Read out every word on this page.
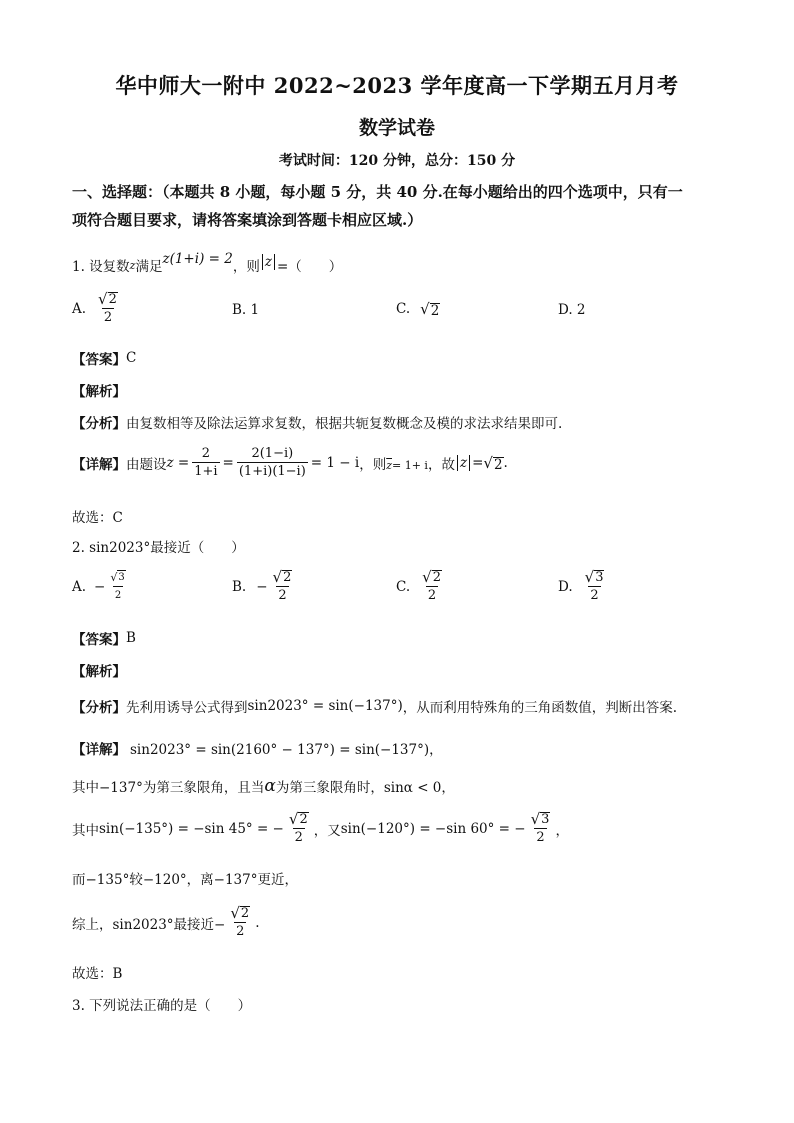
华中师大一附中 2022~2023 学年度高一下学期五月月考
数学试卷
考试时间：120 分钟，总分：150 分
一、选择题：（本题共 8 小题，每小题 5 分，共 40 分.在每小题给出的四个选项中，只有一
项符合题目要求，请将答案填涂到答题卡相应区域.）
1. 设复数 z 满足 z(1+i) = 2 ，则 z =（　　）
A. $\frac{√ 2}{2}$	B. 1	C. √ 2	D. 2
【答案】 C
【解析】
【分析】 由复数相等及除法运算求复数，根据共轭复数概念及模的求法求结果即可.
【详解】 由题设 $z = \frac{2}{1+i} = \frac{2(1-i)}{(1+i)(1-i)} = 1 - i$ ，则 $\overline{z} = 1+ i$ ，故 z = √ 2 .
故选：C
2. sin2023°最接近（　　）
A. − $\frac{√ 3}{2}$	B. − $\frac{√ 2}{2}$	C. $\frac{√ 2}{2}$	D. $\frac{√ 3}{2}$
【答案】 B
【解析】
【分析】 先利用诱导公式得到 sin2023° = sin(−137°) ，从而利用特殊角的三角函数值，判断出答案.
【详解】 sin2023° = sin(2160° − 137°) = sin(−137°)，
其中 −137°为第三象限角，且当 α 为第三象限角时，sin α < 0，
其中 sin(−135°) = −sin 45° = − $\frac{√ 2}{2}$ ，又 sin(−120°) = −sin 60° = − $\frac{√ 3}{2}$ ，
而−135°较−120°，离−137°更近，
综上，sin2023°最接近− $\frac{√ 2}{2}$ .
故选：B
3. 下列说法正确的是（　　）
